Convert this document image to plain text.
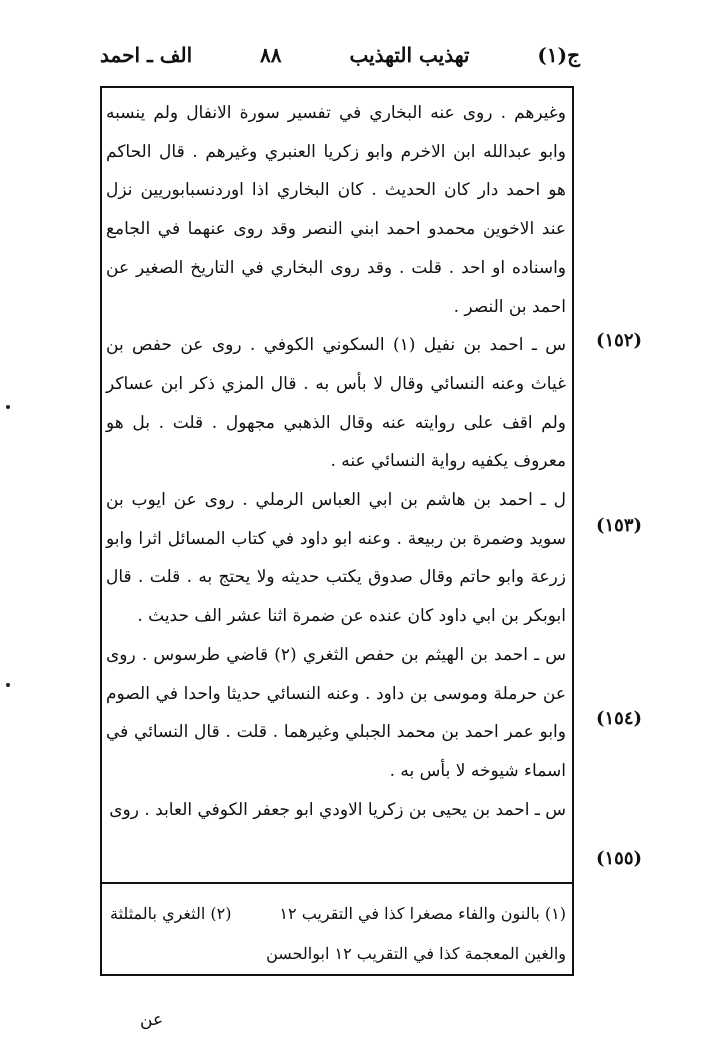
ج(١)
تهذيب التهذيب
٨٨
الف ـ احمد

وغيرهم . روى عنه البخاري في تفسير سورة الانفال ولم ينسبه وابو عبدالله ابن الاخرم وابو زكريا العنبري وغيرهم . قال الحاكم هو احمد دار كان الحديث . كان البخاري اذا اوردنسبابوريين نزل عند الاخوين محمدو احمد ابني النصر وقد روى عنهما في الجامع واسناده او احد . قلت . وقد روى البخاري في التاريخ الصغير عن احمد بن النصر .

س ـ احمد بن نفيل (١) السكوني الكوفي . روى عن حفص بن غياث وعنه النسائي وقال لا بأس به . قال المزي ذكر ابن عساكر ولم اقف على روايته عنه وقال الذهبي مجهول . قلت . بل هو معروف يكفيه رواية النسائي عنه .

ل ـ احمد بن هاشم بن ابي العباس الرملي . روى عن ايوب بن سويد وضمرة بن ربيعة . وعنه ابو داود في كتاب المسائل اثرا وابو زرعة وابو حاتم وقال صدوق يكتب حديثه ولا يحتج به . قلت . قال ابوبكر بن ابي داود كان عنده عن ضمرة اثنا عشر الف حديث .

س ـ احمد بن الهيثم بن حفص الثغري (٢) قاضي طرسوس . روى عن حرملة وموسى بن داود . وعنه النسائي حديثا واحدا في الصوم وابو عمر احمد بن محمد الجبلي وغيرهما . قلت . قال النسائي في اسماء شيوخه لا بأس به .

س ـ احمد بن يحيى بن زكريا الاودي ابو جعفر الكوفي العابد . روى

(١٥٢)
(١٥٣)
(١٥٤)
(١٥٥)
(١) بالنون والفاء مصغرا كذا في التقريب ١٢
(٢) الثغري بالمثلثة
والغين المعجمة كذا في التقريب ١٢ ابوالحسن
عن
